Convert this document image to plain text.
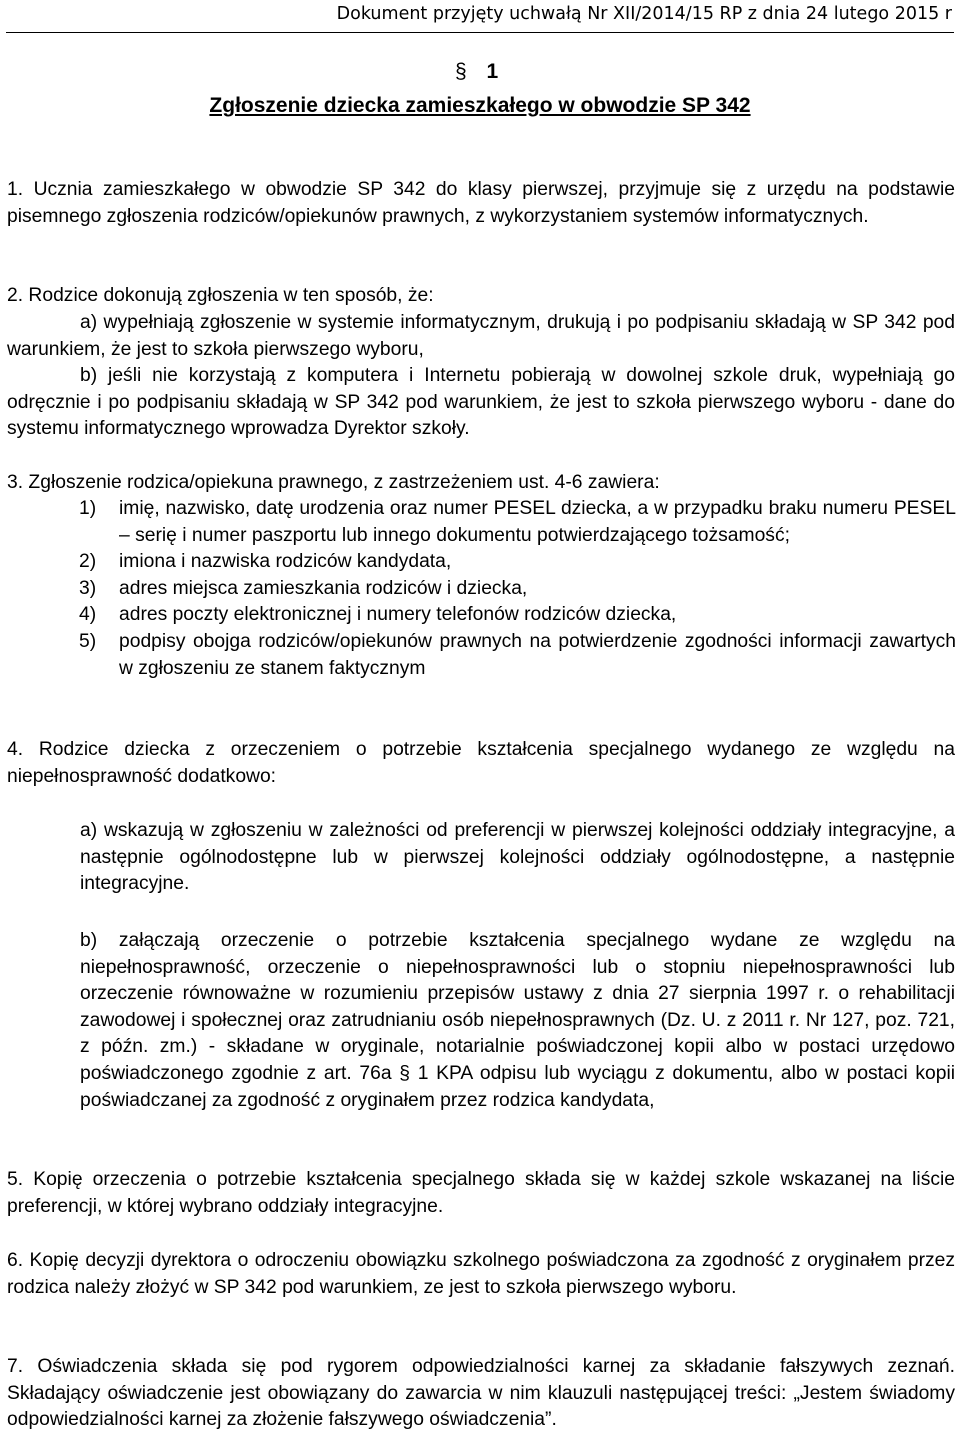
Dokument przyjęty uchwałą Nr XII/2014/15 RP z dnia 24 lutego 2015 r
§ 1
Zgłoszenie dziecka zamieszkałego w obwodzie SP 342
1. Ucznia zamieszkałego w obwodzie SP 342 do klasy pierwszej, przyjmuje się z urzędu na podstawie pisemnego zgłoszenia rodziców/opiekunów prawnych, z wykorzystaniem systemów informatycznych.
2. Rodzice dokonują zgłoszenia w ten sposób, że:
a) wypełniają zgłoszenie w systemie informatycznym, drukują i po podpisaniu składają w SP 342 pod warunkiem, że jest to szkoła pierwszego wyboru,
b) jeśli nie korzystają z komputera i Internetu pobierają w dowolnej szkole druk, wypełniają go odręcznie i po podpisaniu składają w SP 342 pod warunkiem, że jest to szkoła pierwszego wyboru - dane do systemu informatycznego wprowadza Dyrektor szkoły.
3. Zgłoszenie rodzica/opiekuna prawnego, z zastrzeżeniem ust. 4-6 zawiera:
1)	imię, nazwisko, datę urodzenia oraz numer PESEL dziecka, a w przypadku braku numeru PESEL – serię i numer paszportu lub innego dokumentu potwierdzającego tożsamość;
2)	imiona i nazwiska rodziców kandydata,
3)	adres miejsca zamieszkania rodziców i dziecka,
4)	adres poczty elektronicznej i numery telefonów rodziców dziecka,
5)	podpisy obojga rodziców/opiekunów prawnych na potwierdzenie zgodności informacji zawartych w zgłoszeniu ze stanem faktycznym
4. Rodzice dziecka z orzeczeniem o potrzebie kształcenia specjalnego wydanego ze względu na niepełnosprawność dodatkowo:
a) wskazują w zgłoszeniu w zależności od preferencji w pierwszej kolejności oddziały integracyjne, a następnie ogólnodostępne lub w pierwszej kolejności oddziały ogólnodostępne, a następnie integracyjne.
b) załączają orzeczenie o potrzebie kształcenia specjalnego wydane ze względu na niepełnosprawność, orzeczenie o niepełnosprawności lub o stopniu niepełnosprawności lub orzeczenie równoważne w rozumieniu przepisów ustawy z dnia 27 sierpnia 1997 r. o rehabilitacji zawodowej i społecznej oraz zatrudnianiu osób niepełnosprawnych (Dz. U. z 2011 r. Nr 127, poz. 721, z późn. zm.) - składane w oryginale, notarialnie poświadczonej kopii albo w postaci urzędowo poświadczonego zgodnie z art. 76a § 1 KPA odpisu lub wyciągu z dokumentu, albo w postaci kopii poświadczanej za zgodność z oryginałem przez rodzica kandydata,
5. Kopię orzeczenia o potrzebie kształcenia specjalnego składa się w każdej szkole wskazanej na liście preferencji, w której wybrano oddziały integracyjne.
6. Kopię decyzji dyrektora o odroczeniu obowiązku szkolnego poświadczona za zgodność z oryginałem przez rodzica należy złożyć w SP 342 pod warunkiem, ze jest to szkoła pierwszego wyboru.
7. Oświadczenia składa się pod rygorem odpowiedzialności karnej za składanie fałszywych zeznań. Składający oświadczenie jest obowiązany do zawarcia w nim klauzuli następującej treści: „Jestem świadomy odpowiedzialności karnej za złożenie fałszywego oświadczenia”.
